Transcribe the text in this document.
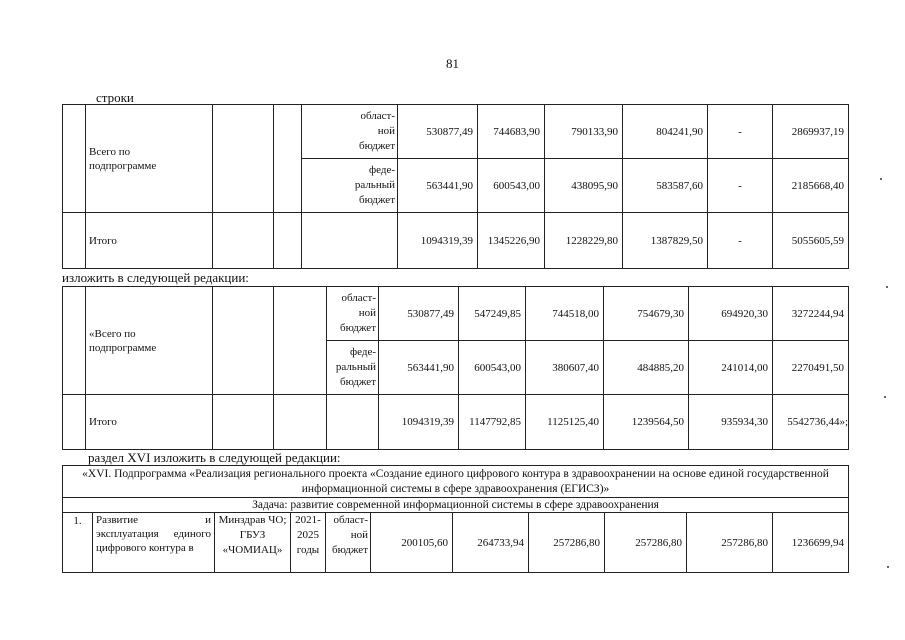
81
строки
	Всего по
подпрограмме			област-
ной
бюджет	530877,49	744683,90	790133,90	804241,90	-	2869937,19
				феде-
ральный
бюджет	563441,90	600543,00	438095,90	583587,60	-	2185668,40
	Итого				1094319,39	1345226,90	1228229,80	1387829,50	-	5055605,59
изложить в следующей редакции:
	«Всего по
подпрограмме			област-
ной
бюджет	530877,49	547249,85	744518,00	754679,30	694920,30	3272244,94
				феде-
ральный
бюджет	563441,90	600543,00	380607,40	484885,20	241014,00	2270491,50
	Итого				1094319,39	1147792,85	1125125,40	1239564,50	935934,30	5542736,44»;
раздел XVI изложить в следующей редакции:
«XVI. Подпрограмма «Реализация регионального проекта «Создание единого цифрового контура в здравоохранении на основе единой государственной информационной системы в сфере здравоохранения (ЕГИСЗ)»
Задача: развитие современной информационной системы в сфере здравоохранения
1.	Развитие и эксплуатация единого цифрового контура в	Минздрав ЧО; ГБУЗ «ЧОМИАЦ»	2021-
2025
годы	област-
ной
бюджет	200105,60	264733,94	257286,80	257286,80	257286,80	1236699,94
